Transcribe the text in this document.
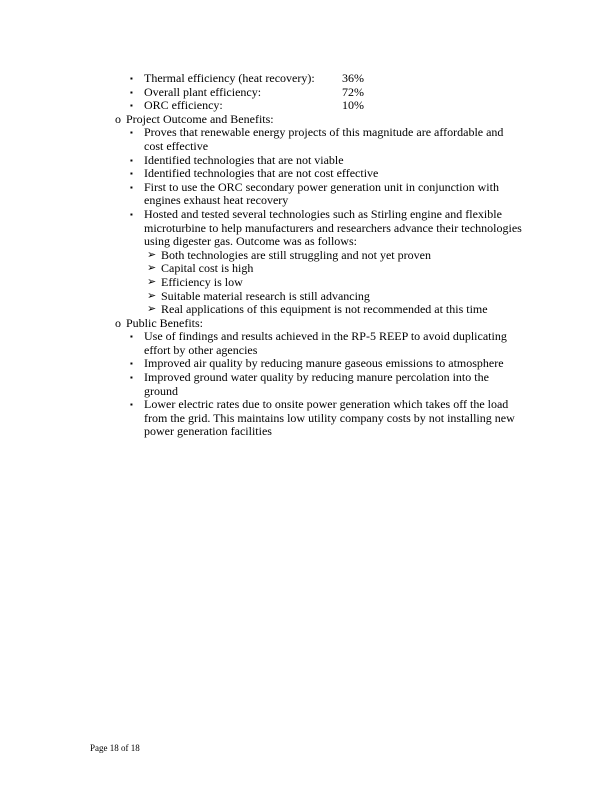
▪ Thermal efficiency (heat recovery): 36%
▪ Overall plant efficiency:	72%
▪ ORC efficiency:	10%
o Project Outcome and Benefits:
▪ Proves that renewable energy projects of this magnitude are affordable and cost effective
▪ Identified technologies that are not viable
▪ Identified technologies that are not cost effective
▪ First to use the ORC secondary power generation unit in conjunction with engines exhaust heat recovery
▪ Hosted and tested several technologies such as Stirling engine and flexible microturbine to help manufacturers and researchers advance their technologies using digester gas. Outcome was as follows:
➢ Both technologies are still struggling and not yet proven
➢ Capital cost is high
➢ Efficiency is low
➢ Suitable material research is still advancing
➢ Real applications of this equipment is not recommended at this time
o Public Benefits:
▪ Use of findings and results achieved in the RP-5 REEP to avoid duplicating effort by other agencies
▪ Improved air quality by reducing manure gaseous emissions to atmosphere
▪ Improved ground water quality by reducing manure percolation into the ground
▪ Lower electric rates due to onsite power generation which takes off the load from the grid. This maintains low utility company costs by not installing new power generation facilities
Page 18 of 18
